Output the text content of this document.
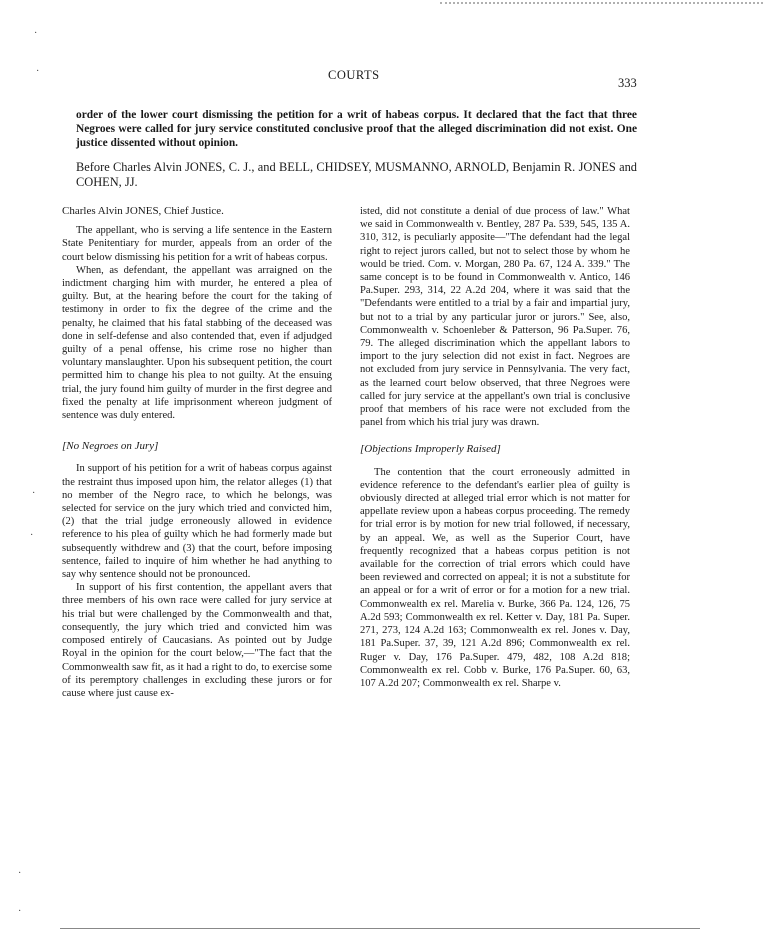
·
·	COURTS
333

order of the lower court dismissing the petition for a writ of habeas corpus. It declared that the fact that three Negroes were called for jury service constituted conclusive proof that the alleged discrimination did not exist. One justice dissented without opinion.

Before Charles Alvin JONES, C. J., and BELL, CHIDSEY, MUSMANNO, ARNOLD, Benjamin R. JONES and COHEN, JJ.

Charles Alvin JONES, Chief Justice.

The appellant, who is serving a life sentence in the Eastern State Penitentiary for murder, appeals from an order of the court below dismissing his petition for a writ of habeas corpus.

When, as defendant, the appellant was arraigned on the indictment charging him with murder, he entered a plea of guilty. But, at the hearing before the court for the taking of testimony in order to fix the degree of the crime and the penalty, he claimed that his fatal stabbing of the deceased was done in self-defense and also contended that, even if adjudged guilty of a penal offense, his crime rose no higher than voluntary manslaughter. Upon his subsequent petition, the court permitted him to change his plea to not guilty. At the ensuing trial, the jury found him guilty of murder in the first degree and fixed the penalty at life imprisonment whereon judgment of sentence was duly entered.

[No Negroes on Jury]

In support of his petition for a writ of habeas corpus against the restraint thus imposed upon him, the relator alleges (1) that no member of the Negro race, to which he belongs, was selected for service on the jury which tried and convicted him, (2) that the trial judge erroneously allowed in evidence reference to his plea of guilty which he had formerly made but subsequently withdrew and (3) that the court, before imposing sentence, failed to inquire of him whether he had anything to say why sentence should not be pronounced.

In support of his first contention, the appellant avers that three members of his own race were called for jury service at his trial but were challenged by the Commonwealth and that, consequently, the jury which tried and convicted him was composed entirely of Caucasians. As pointed out by Judge Royal in the opinion for the court below,—"The fact that the Commonwealth saw fit, as it had a right to do, to exercise some of its peremptory challenges in excluding these jurors or for cause where just cause ex-

isted, did not constitute a denial of due process of law." What we said in Commonwealth v. Bentley, 287 Pa. 539, 545, 135 A. 310, 312, is peculiarly apposite—"The defendant had the legal right to reject jurors called, but not to select those by whom he would be tried. Com. v. Morgan, 280 Pa. 67, 124 A. 339." The same concept is to be found in Commonwealth v. Antico, 146 Pa.Super. 293, 314, 22 A.2d 204, where it was said that the "Defendants were entitled to a trial by a fair and impartial jury, but not to a trial by any particular juror or jurors." See, also, Commonwealth v. Schoenleber & Patterson, 96 Pa.Super. 76, 79. The alleged discrimination which the appellant labors to import to the jury selection did not exist in fact. Negroes are not excluded from jury service in Pennsylvania. The very fact, as the learned court below observed, that three Negroes were called for jury service at the appellant's own trial is conclusive proof that members of his race were not excluded from the panel from which his trial jury was drawn.

[Objections Improperly Raised]

The contention that the court erroneously admitted in evidence reference to the defendant's earlier plea of guilty is obviously directed at alleged trial error which is not matter for appellate review upon a habeas corpus proceeding. The remedy for trial error is by motion for new trial followed, if necessary, by an appeal. We, as well as the Superior Court, have frequently recognized that a habeas corpus petition is not available for the correction of trial errors which could have been reviewed and corrected on appeal; it is not a substitute for an appeal or for a writ of error or for a motion for a new trial. Commonwealth ex rel. Marelia v. Burke, 366 Pa. 124, 126, 75 A.2d 593; Commonwealth ex rel. Ketter v. Day, 181 Pa. Super. 271, 273, 124 A.2d 163; Commonwealth ex rel. Jones v. Day, 181 Pa.Super. 37, 39, 121 A.2d 896; Commonwealth ex rel. Ruger v. Day, 176 Pa.Super. 479, 482, 108 A.2d 818; Commonwealth ex rel. Cobb v. Burke, 176 Pa.Super. 60, 63, 107 A.2d 207; Commonwealth ex rel. Sharpe v.

·
·
·
·
